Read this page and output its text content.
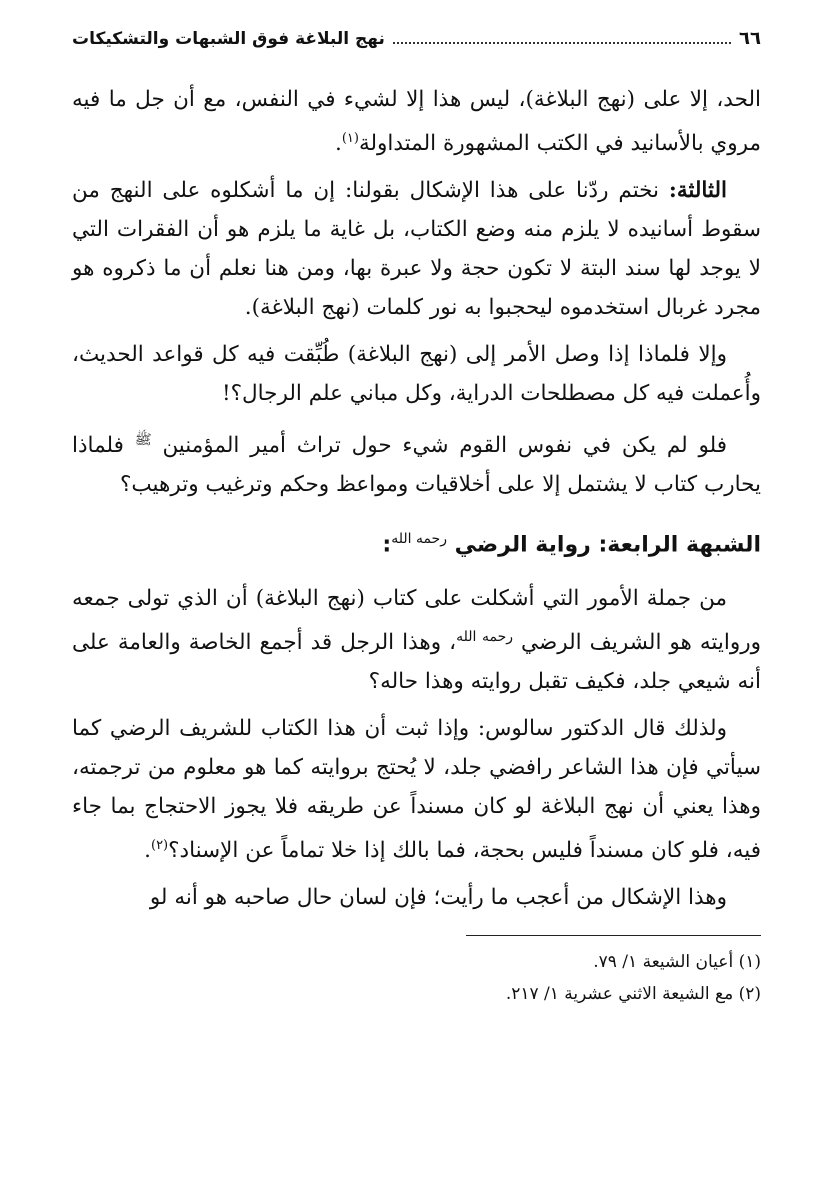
٦٦
نهج البلاغة فوق الشبهات والتشكيكات

الحد، إلا على (نهج البلاغة)، ليس هذا إلا لشيء في النفس، مع أن جل ما فيه مروي بالأسانيد في الكتب المشهورة المتداولة$^{(١)}$.

الثالثة: نختم ردّنا على هذا الإشكال بقولنا: إن ما أشكلوه على النهج من سقوط أسانيده لا يلزم منه وضع الكتاب، بل غاية ما يلزم هو أن الفقرات التي لا يوجد لها سند البتة لا تكون حجة ولا عبرة بها، ومن هنا نعلم أن ما ذكروه هو مجرد غربال استخدموه ليحجبوا به نور كلمات (نهج البلاغة).

وإلا فلماذا إذا وصل الأمر إلى (نهج البلاغة) طُبِّقت فيه كل قواعد الحديث، وأُعملت فيه كل مصطلحات الدراية، وكل مباني علم الرجال؟!

فلو لم يكن في نفوس القوم شيء حول تراث أمير المؤمنين $^ﷺ$ فلماذا يحارب كتاب لا يشتمل إلا على أخلاقيات ومواعظ وحكم وترغيب وترهيب؟

الشبهة الرابعة: رواية الرضي $^{رحمه الله}$:

من جملة الأمور التي أشكلت على كتاب (نهج البلاغة) أن الذي تولى جمعه وروايته هو الشريف الرضي $^{رحمه الله}$، وهذا الرجل قد أجمع الخاصة والعامة على أنه شيعي جلد، فكيف تقبل روايته وهذا حاله؟

ولذلك قال الدكتور سالوس: وإذا ثبت أن هذا الكتاب للشريف الرضي كما سيأتي فإن هذا الشاعر رافضي جلد، لا يُحتج بروايته كما هو معلوم من ترجمته، وهذا يعني أن نهج البلاغة لو كان مسنداً عن طريقه فلا يجوز الاحتجاج بما جاء فيه، فلو كان مسنداً فليس بحجة، فما بالك إذا خلا تماماً عن الإسناد؟$^{(٢)}$.

وهذا الإشكال من أعجب ما رأيت؛ فإن لسان حال صاحبه هو أنه لو

(١) أعيان الشيعة ١/ ٧٩.
(٢) مع الشيعة الاثني عشرية ١/ ٢١٧.
